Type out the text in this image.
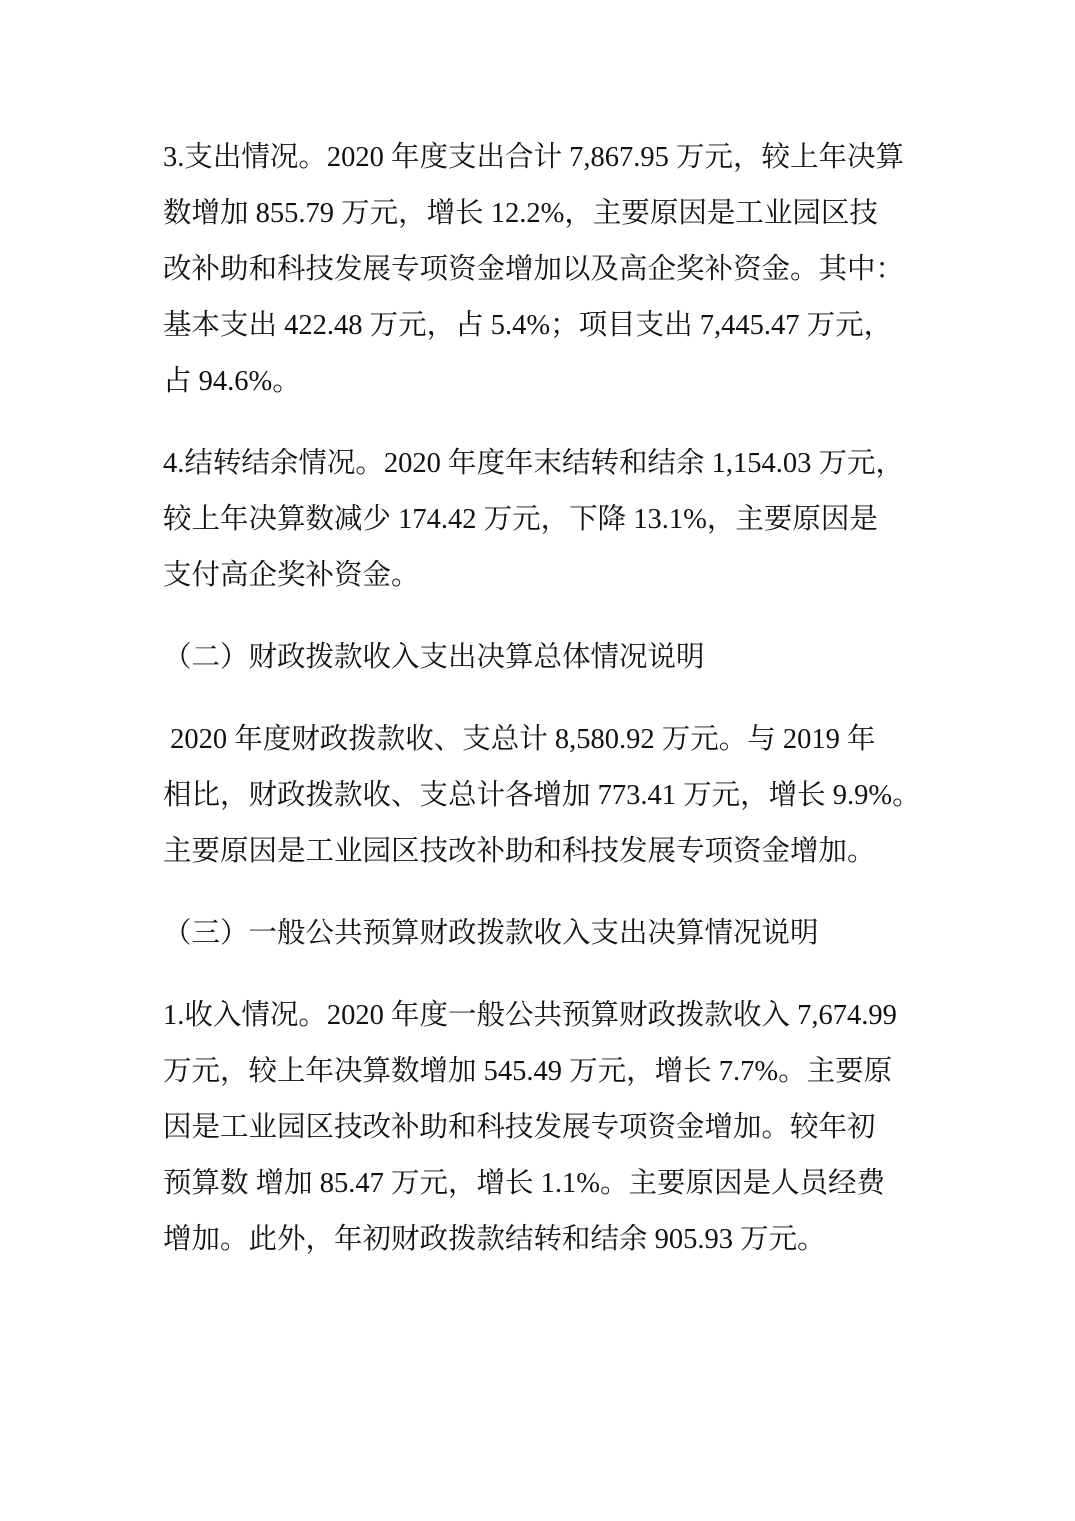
3.支出情况。2020 年度支出合计 7,867.95 万元，较上年决算
数增加 855.79 万元，增长 12.2%，主要原因是工业园区技
改补助和科技发展专项资金增加以及高企奖补资金。其中：
基本支出 422.48 万元，占 5.4%；项目支出 7,445.47 万元，
占 94.6%。
4.结转结余情况。2020 年度年末结转和结余 1,154.03 万元，
较上年决算数减少 174.42 万元，下降 13.1%，主要原因是
支付高企奖补资金。
（二）财政拨款收入支出决算总体情况说明
2020 年度财政拨款收、支总计 8,580.92 万元。与 2019 年
相比，财政拨款收、支总计各增加 773.41 万元，增长 9.9%。
主要原因是工业园区技改补助和科技发展专项资金增加。
（三）一般公共预算财政拨款收入支出决算情况说明
1.收入情况。2020 年度一般公共预算财政拨款收入 7,674.99
万元，较上年决算数增加 545.49 万元，增长 7.7%。主要原
因是工业园区技改补助和科技发展专项资金增加。较年初
预算数 增加 85.47 万元，增长 1.1%。主要原因是人员经费
增加。此外，年初财政拨款结转和结余 905.93 万元。
